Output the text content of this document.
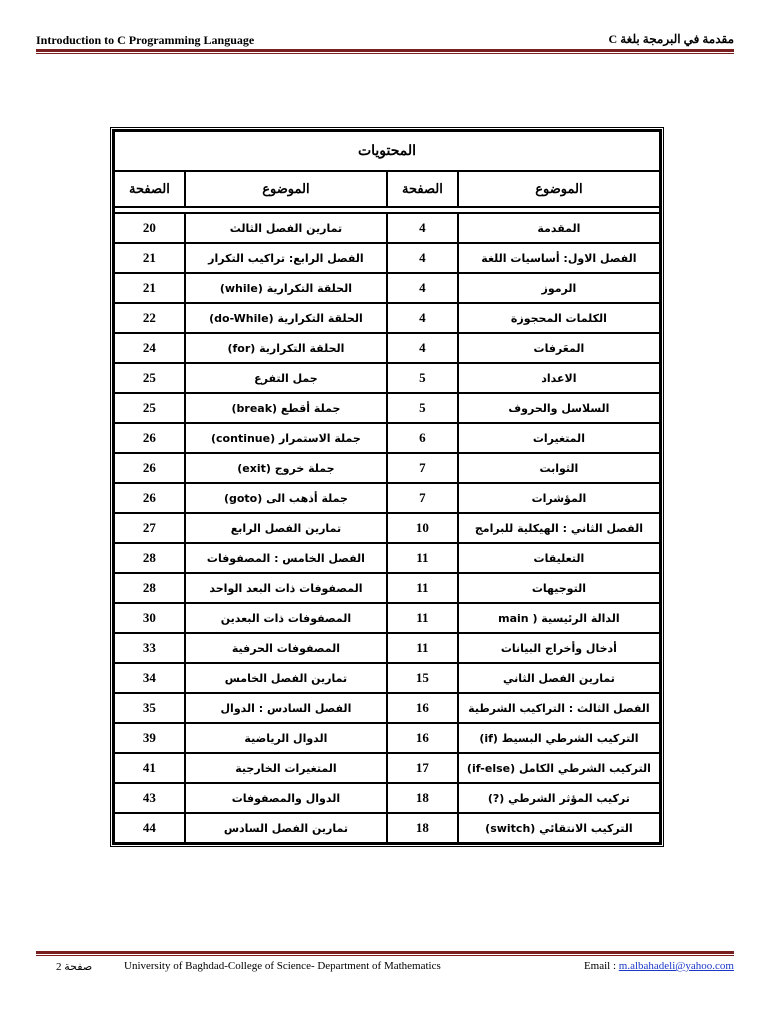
Introduction to C Programming Language	مقدمة في البرمجة بلغة C
المحتويات			
الموضوع	الصفحة	الموضوع	الصفحة

المقدمة	4	تمارين الفصل الثالث	20
الفصل الاول: أساسيات اللغة	4	الفصل الرابع: تراكيب التكرار	21
الرموز	4	الحلقة التكرارية (while)	21
الكلمات المحجوزة	4	الحلقة التكرارية (do-While)	22
المعَرفات	4	الحلقة التكرارية (for)	24
الاعداد	5	جمل التفرع	25
السلاسل والحروف	5	جملة أقطع (break)	25
المتغيرات	6	جملة الاستمرار (continue)	26
الثوابت	7	جملة خروج (exit)	26
المؤشرات	7	جملة أذهب الى (goto)	26
الفصل الثاني : الهيكلية للبرامج	10	تمارين الفصل الرابع	27
التعليقات	11	الفصل الخامس : المصفوفات	28
التوجيهات	11	المصفوفات ذات البعد الواحد	28
الدالة الرئيسية ( main	11	المصفوفات ذات البعدين	30
أدخال وأخراج البيانات	11	المصفوفات الحرفية	33
تمارين الفصل الثاني	15	تمارين الفصل الخامس	34
الفصل الثالث : التراكيب الشرطية	16	الفصل السادس : الدوال	35
التركيب الشرطي البسيط (if)	16	الدوال الرياضية	39
التركيب الشرطي الكامل (if-else)	17	المتغيرات الخارجية	41
تركيب المؤثر الشرطي (?)	18	الدوال والمصفوفات	43
التركيب الانتقائي (switch)	18	تمارين الفصل السادس	44
صفحة 2	University of Baghdad-College of Science- Department of Mathematics	Email : m.albahadeli@yahoo.com
